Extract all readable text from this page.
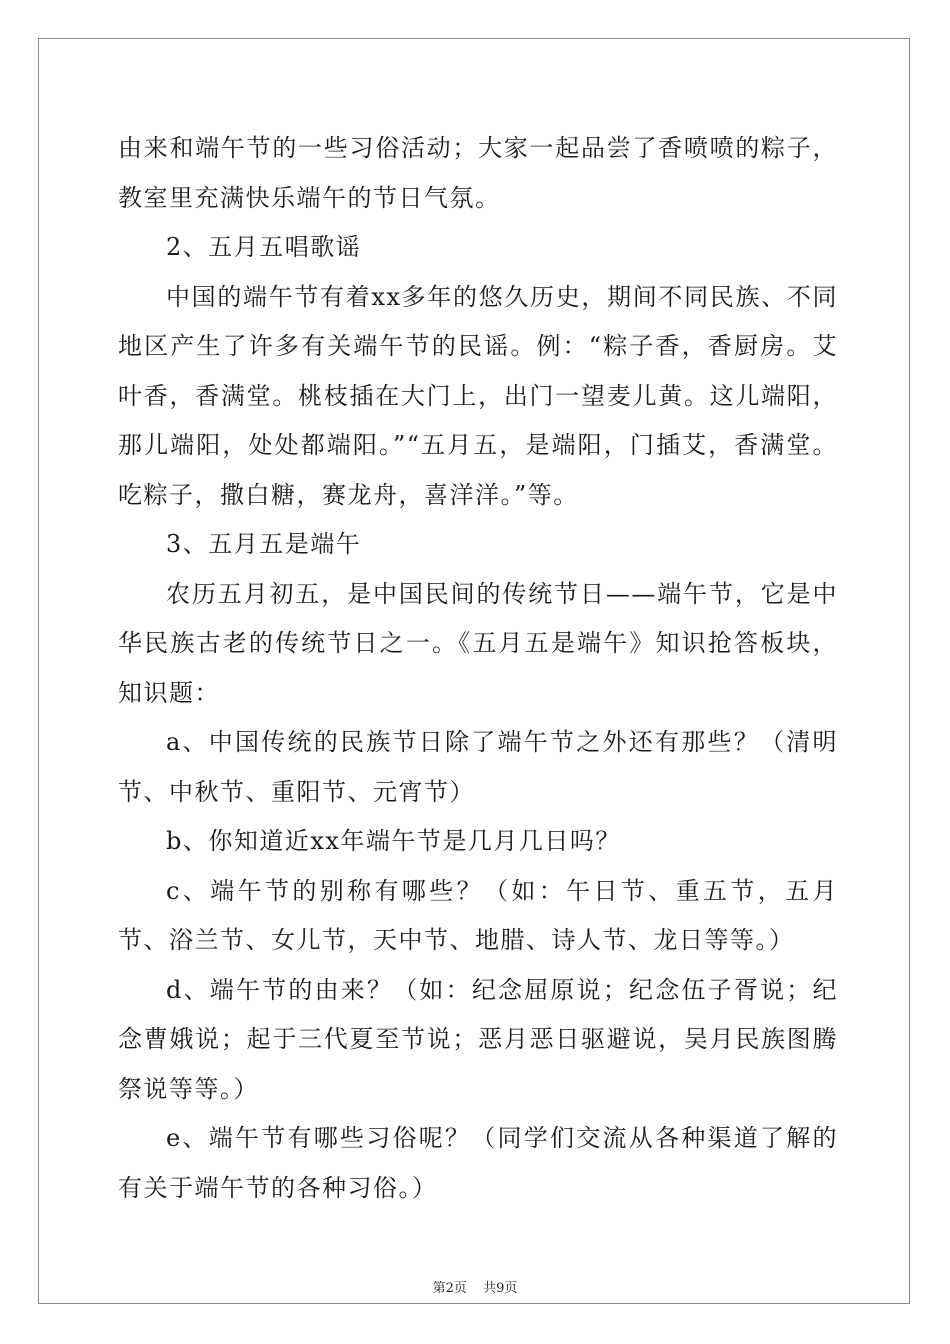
由来和端午节的一些习俗活动；大家一起品尝了香喷喷的粽子，教室里充满快乐端午的节日气氛。

2、五月五唱歌谣

中国的端午节有着xx多年的悠久历史，期间不同民族、不同地区产生了许多有关端午节的民谣。例：“粽子香，香厨房。艾叶香，香满堂。桃枝插在大门上，出门一望麦儿黄。这儿端阳，那儿端阳，处处都端阳。”“五月五，是端阳，门插艾，香满堂。吃粽子，撒白糖，赛龙舟，喜洋洋。”等。

3、五月五是端午

农历五月初五，是中国民间的传统节日——端午节，它是中华民族古老的传统节日之一。《五月五是端午》知识抢答板块，知识题：

a、中国传统的民族节日除了端午节之外还有那些？（清明节、中秋节、重阳节、元宵节）

b、你知道近xx年端午节是几月几日吗？

c、端午节的别称有哪些？（如：午日节、重五节，五月节、浴兰节、女儿节，天中节、地腊、诗人节、龙日等等。）

d、端午节的由来？（如：纪念屈原说；纪念伍子胥说；纪念曹娥说；起于三代夏至节说；恶月恶日驱避说，吴月民族图腾祭说等等。）

e、端午节有哪些习俗呢？（同学们交流从各种渠道了解的有关于端午节的各种习俗。）

第2页 共9页
